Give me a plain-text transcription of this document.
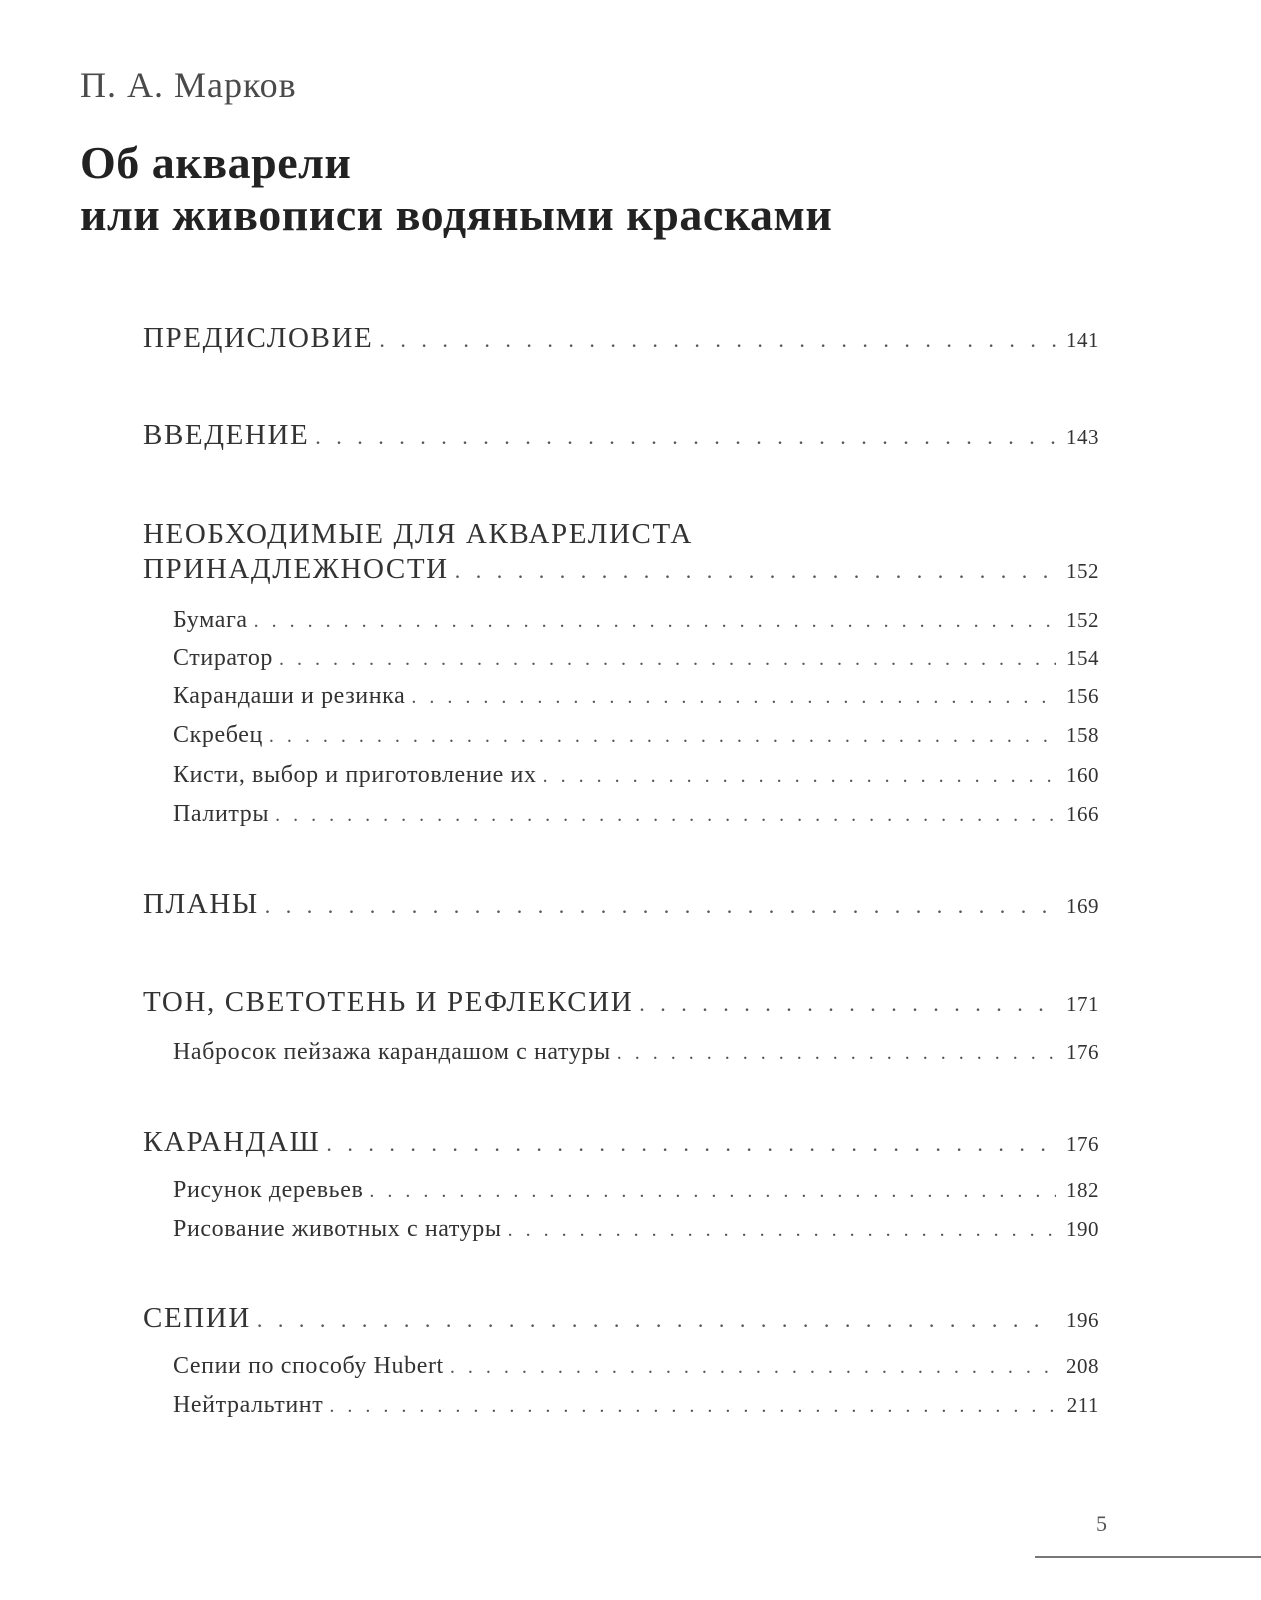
П. А. Марков
Об акварели
или живописи водяными красками
ПРЕДИСЛОВИЕ . . .	141
ВВЕДЕНИЕ . . .	143
НЕОБХОДИМЫЕ ДЛЯ АКВАРЕЛИСТА
ПРИНАДЛЕЖНОСТИ . . .	152
Бумага . . .	152
Стиратор . . .	154
Карандаши и резинка . . .	156
Скребец . . .	158
Кисти, выбор и приготовление их . . .	160
Палитры . . .	166
ПЛАНЫ . . .	169
ТОН, СВЕТОТЕНЬ И РЕФЛЕКСИИ . . .	171
Набросок пейзажа карандашом с натуры . . .	176
КАРАНДАШ . . .	176
Рисунок деревьев . . .	182
Рисование животных с натуры . . .	190
СЕПИИ . . .	196
Сепии по способу Hubert . . .	208
Нейтральтинт . . .	211
5
